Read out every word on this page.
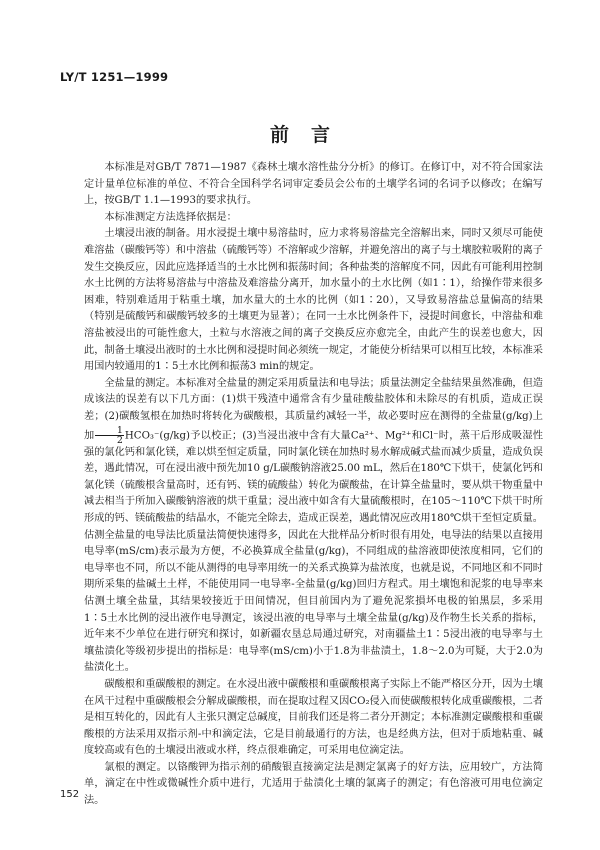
LY/T 1251—1999
前言

本标准是对GB/T 7871—1987《森林土壤水溶性盐分分析》的修订。在修订中，对不符合国家法定计量单位标准的单位、不符合全国科学名词审定委员会公布的土壤学名词的名词予以修改；在编写上，按GB/T 1.1—1993的要求执行。

本标准测定方法选择依据是：

土壤浸出液的制备。用水浸提土壤中易溶盐时，应力求将易溶盐完全溶解出来，同时又须尽可能使难溶盐（碳酸钙等）和中溶盐（硫酸钙等）不溶解或少溶解，并避免溶出的离子与土壤胶粒吸附的离子发生交换反应，因此应选择适当的土水比例和振荡时间；各种盐类的溶解度不同，因此有可能利用控制水土比例的方法将易溶盐与中溶盐及难溶盐分离开，加水量小的土水比例（如1∶1），给操作带来很多困难，特别难适用于粘重土壤，加水量大的土水的比例（如1∶20），又导致易溶盐总量偏高的结果（特别是硫酸钙和碳酸钙较多的土壤更为显著）；在同一土水比例条件下，浸提时间愈长，中溶盐和难溶盐被浸出的可能性愈大，土粒与水溶液之间的离子交换反应亦愈完全，由此产生的误差也愈大，因此，制备土壤浸出液时的土水比例和浸提时间必须统一规定，才能使分析结果可以相互比较，本标准采用国内较通用的1∶5土水比例和振荡3 min的规定。

全盐量的测定。本标准对全盐量的测定采用质量法和电导法；质量法测定全盐结果虽然准确，但造成该法的误差有以下几方面：(1)烘干残渣中通常含有少量硅酸盐胶体和未除尽的有机质，造成正误差；(2)碳酸氢根在加热时将转化为碳酸根，其质量约减轻一半，故必要时应在测得的全盐量(g/kg)上加 $\frac{1}{2} HCO_3^-(g/kg)$予以校正；(3)当浸出液中含有大量Ca²⁺、Mg²⁺和Cl⁻时，蒸干后形成吸湿性强的氯化钙和氯化镁，难以烘至恒定质量，同时氯化镁在加热时易水解成碱式盐而减少质量，造成负误差，遇此情况，可在浸出液中预先加10 g/L碳酸钠溶液25.00 mL，然后在180℃下烘干，使氯化钙和氯化镁（硫酸根含量高时，还有钙、镁的硫酸盐）转化为碳酸盐，在计算全盐量时，要从烘干物重量中减去相当于所加入碳酸钠溶液的烘干重量；浸出液中如含有大量硫酸根时，在105～110℃下烘干时所形成的钙、镁硫酸盐的结晶水，不能完全除去，造成正误差，遇此情况应改用180℃烘干至恒定质量。估测全盐量的电导法比质量法简便快速得多，因此在大批样品分析时很有用处，电导法的结果以直接用电导率(mS/cm)表示最为方便，不必换算成全盐量(g/kg)，不同组成的盐溶液即使浓度相同，它们的电导率也不同，所以不能从测得的电导率用统一的关系式换算为盐浓度，也就是说，不同地区和不同时期所采集的盐碱土土样，不能使用同一电导率-全盐量(g/kg)回归方程式。用土壤饱和泥浆的电导率来估测土壤全盐量，其结果较接近于田间情况，但目前国内为了避免泥浆損坏电极的铂黑层，多采用1∶5土水比例的浸出液作电导测定，该浸出液的电导率与土壤全盐量(g/kg)及作物生长关系的指标，近年来不少单位在进行研究和探讨，如新疆农垦总局通过研究，对南疆盐土1∶5浸出液的电导率与土壤盐渍化等级初步提出的指标是：电导率(mS/cm)小于1.8为非盐渍土，1.8～2.0为可疑，大于2.0为盐渍化土。

碳酸根和重碳酸根的测定。在水浸出液中碳酸根和重碳酸根离子实际上不能严格区分开，因为土壤在风干过程中重碳酸根会分解成碳酸根，而在提取过程又因CO₂侵入而使碳酸根转化成重碳酸根，二者是相互转化的，因此有人主张只测定总碱度，目前我们还是将二者分开测定；本标准测定碳酸根和重碳酸根的方法采用双指示剂-中和滴定法，它是目前最通行的方法，也是经典方法，但对于质地粘重、碱度较高或有色的土壤浸出液或水样，终点很难确定，可采用电位滴定法。

氯根的测定。以铬酸钾为指示剂的硝酸银直接滴定法是测定氯离子的好方法，应用较广，方法简单，滴定在中性或微碱性介质中进行，尤适用于盐渍化土壤的氯离子的测定；有色溶液可用电位滴定法。

152
